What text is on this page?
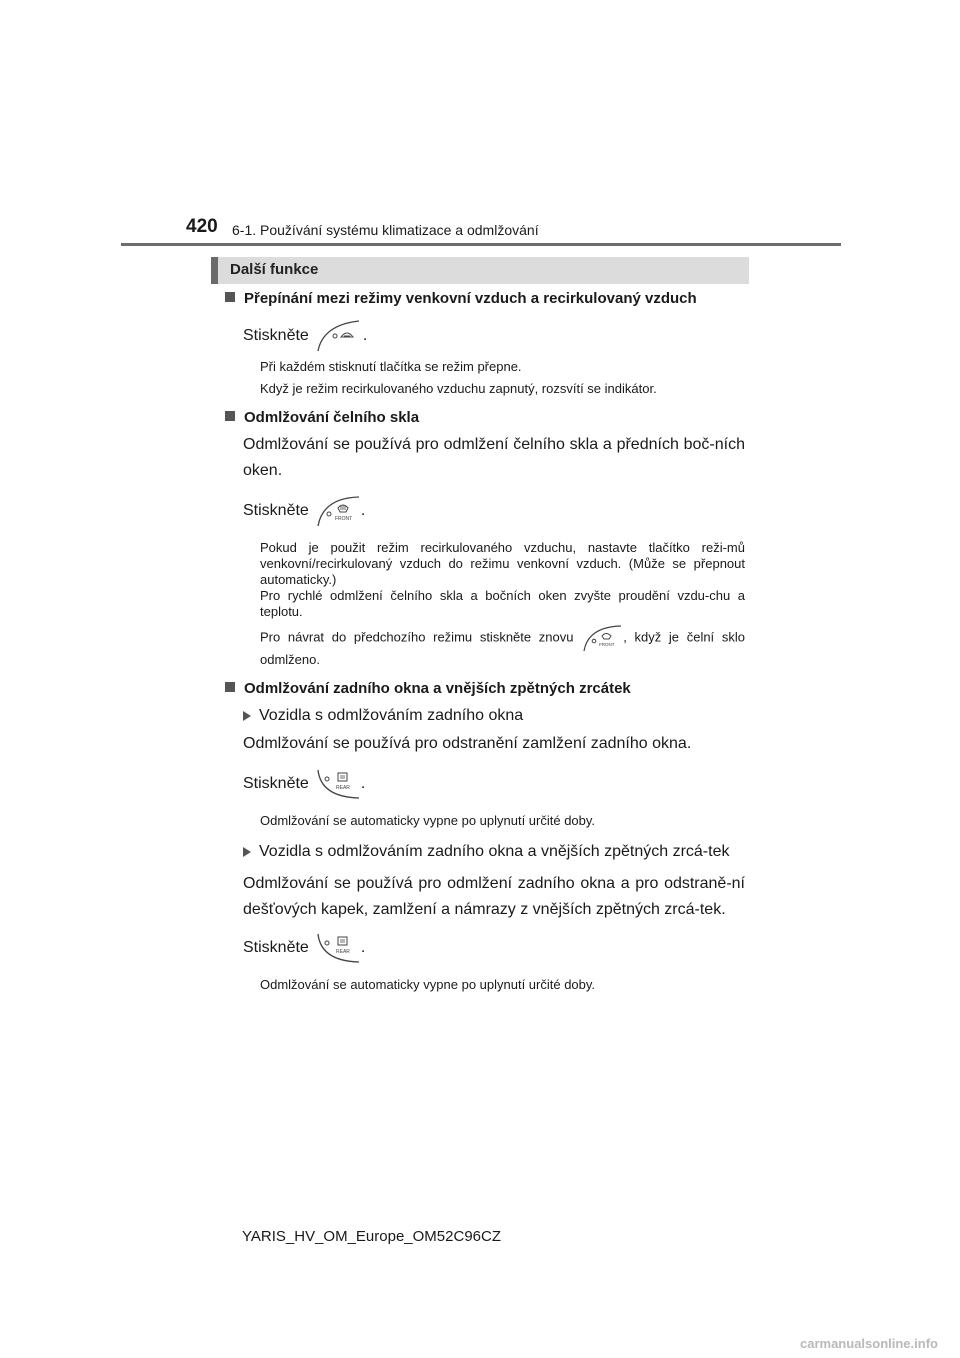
420 6-1. Používání systému klimatizace a odmlžování
Další funkce

Přepínání mezi režimy venkovní vzduch a recirkulovaný vzduch

Stiskněte	.

Při každém stisknutí tlačítka se režim přepne.

Když je režim recirkulovaného vzduchu zapnutý, rozsvítí se indikátor.

Odmlžování čelního skla

Odmlžování se používá pro odmlžení čelního skla a předních boč-ních oken.

Stiskněte	FRONT .

Pokud je použit režim recirkulovaného vzduchu, nastavte tlačítko reži-mů venkovní/recirkulovaný vzduch do režimu venkovní vzduch. (Může se přepnout automaticky.)

Pro rychlé odmlžení čelního skla a bočních oken zvyšte proudění vzdu-chu a teplotu.

Pro návrat do předchozího režimu stiskněte znovu
FRONT
, když je čelní sklo odmlženo.

Odmlžování zadního okna a vnějších zpětných zrcátek

Vozidla s odmlžováním zadního okna

Odmlžování se používá pro odstranění zamlžení zadního okna.

Stiskněte	REAR .

Odmlžování se automaticky vypne po uplynutí určité doby.

Vozidla s odmlžováním zadního okna a vnějších zpětných zrcá-tek

Odmlžování se používá pro odmlžení zadního okna a pro odstraně-ní dešťových kapek, zamlžení a námrazy z vnějších zpětných zrcá-tek.

Stiskněte	REAR .

Odmlžování se automaticky vypne po uplynutí určité doby.

YARIS_HV_OM_Europe_OM52C96CZ
carmanualsonline.info
